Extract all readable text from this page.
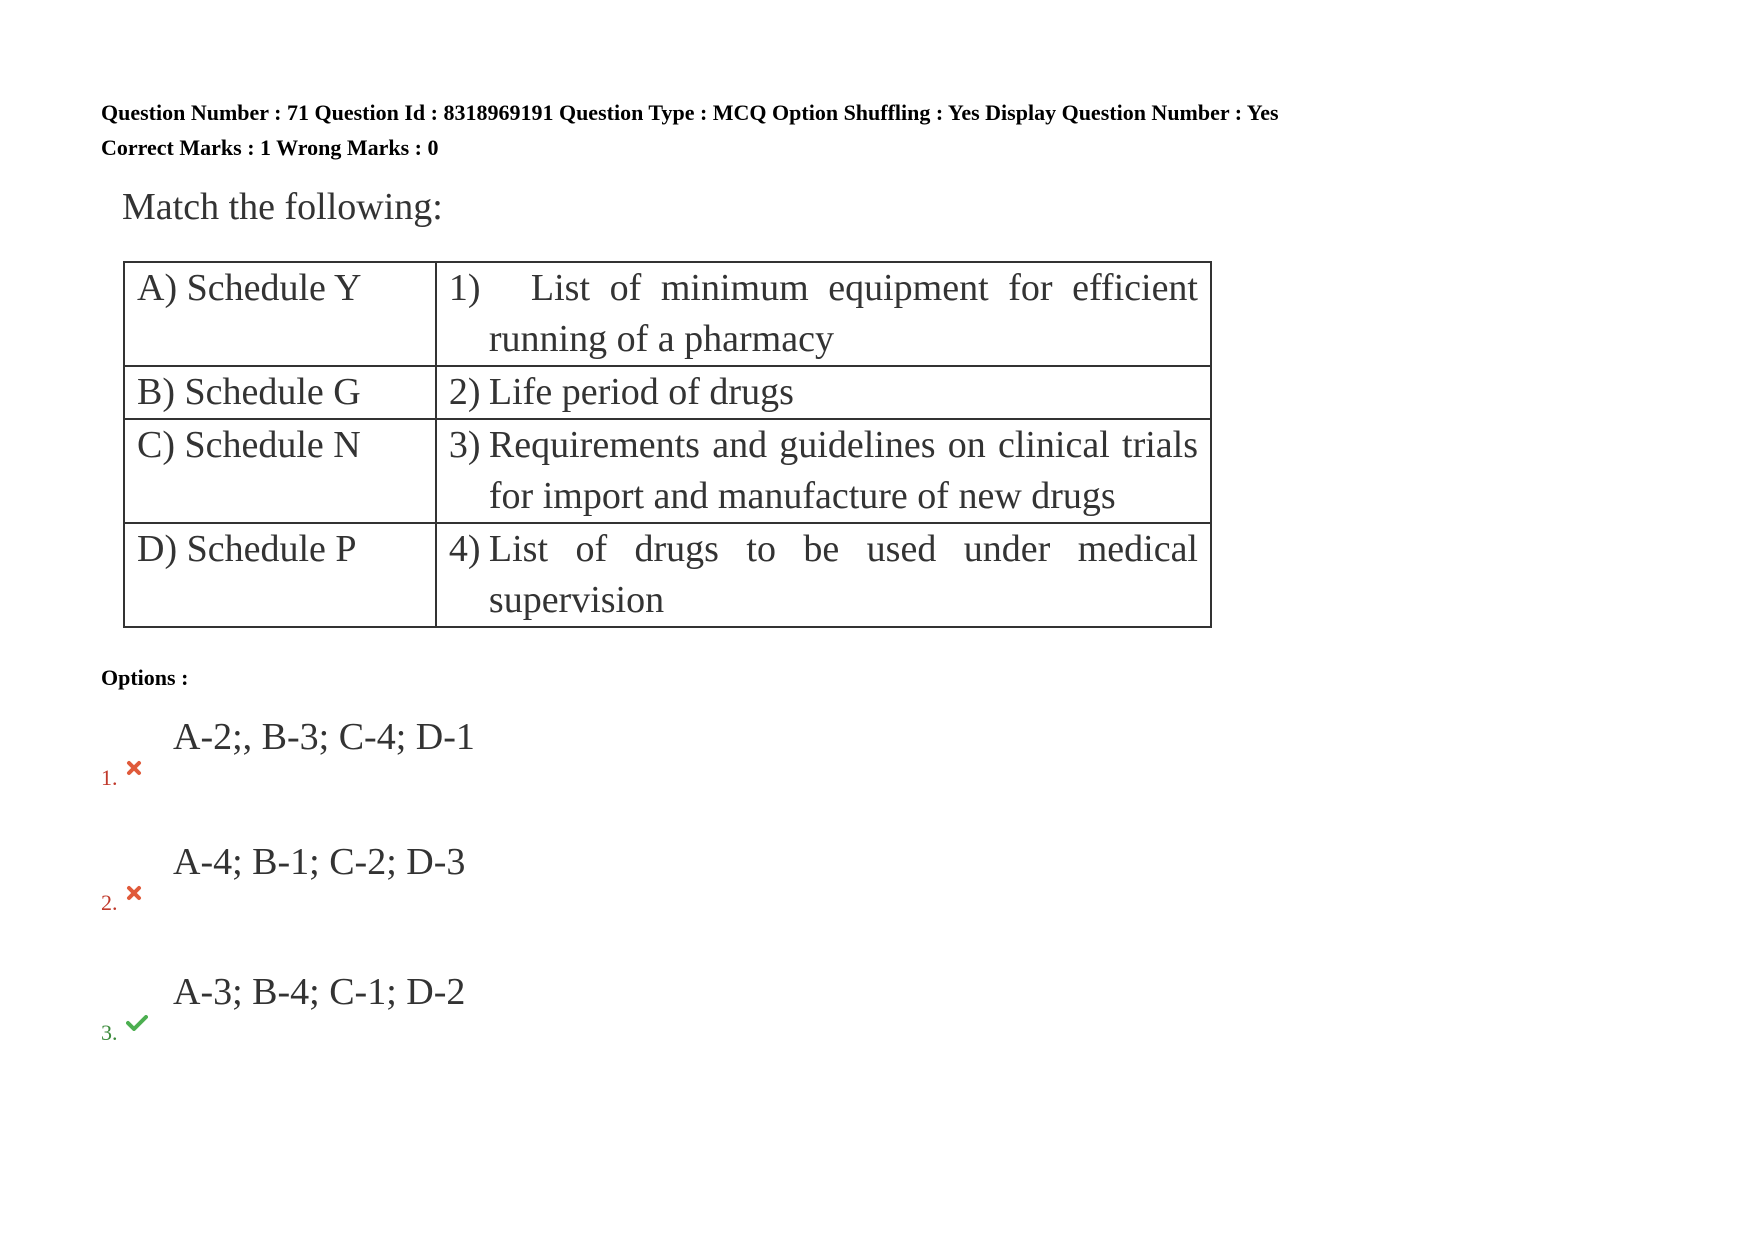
Question Number : 71 Question Id : 8318969191 Question Type : MCQ Option Shuffling : Yes Display Question Number : Yes
Correct Marks : 1 Wrong Marks : 0
Match the following:
A) Schedule Y	1) List of minimum equipment for efficient running of a pharmacy

B) Schedule G	2) Life period of drugs

C) Schedule N	3) Requirements and guidelines on clinical trials for import and manufacture of new drugs

D) Schedule P	4) List of drugs to be used under medical supervision
Options :
A-2;, B-3; C-4; D-1
1.
A-4; B-1; C-2; D-3
2.
A-3; B-4; C-1; D-2
3.
